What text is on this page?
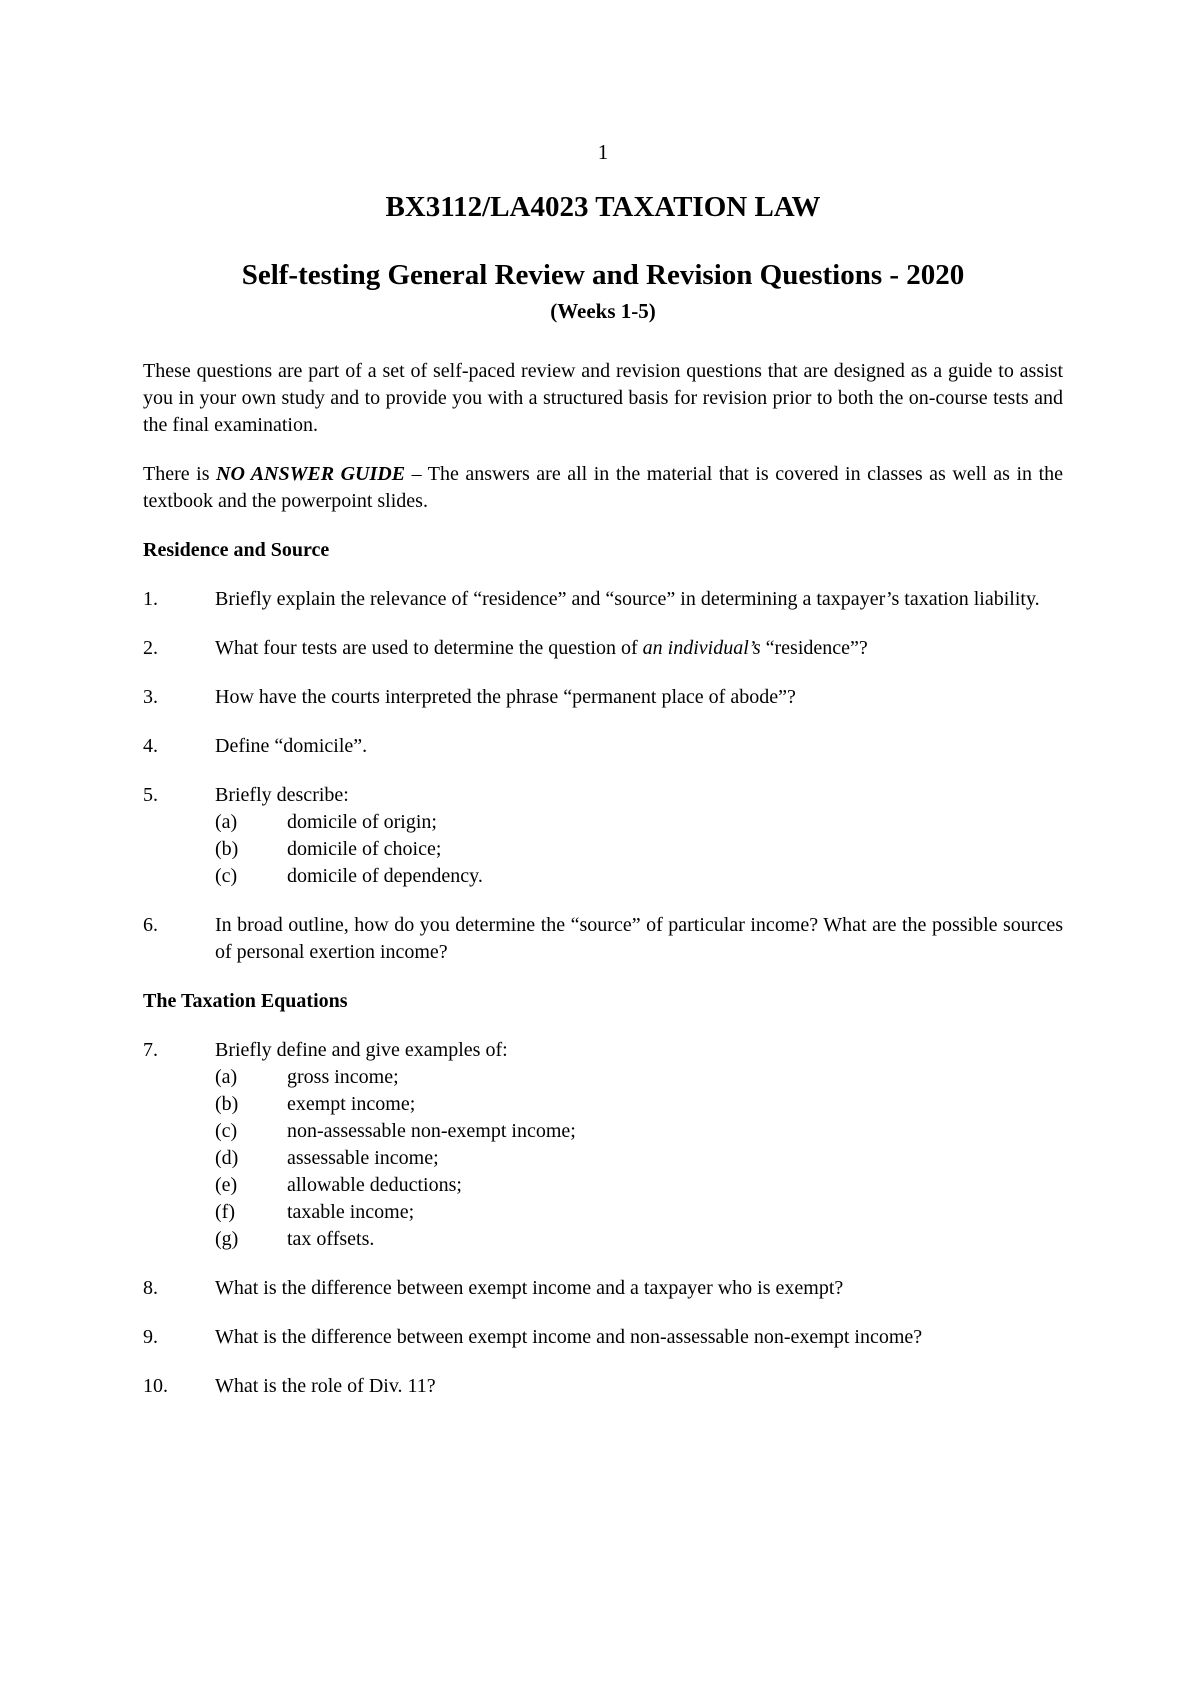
1
BX3112/LA4023 TAXATION LAW
Self-testing General Review and Revision Questions - 2020
(Weeks 1-5)

These questions are part of a set of self-paced review and revision questions that are designed as a guide to assist you in your own study and to provide you with a structured basis for revision prior to both the on-course tests and the final examination.

There is NO ANSWER GUIDE – The answers are all in the material that is covered in classes as well as in the textbook and the powerpoint slides.

Residence and Source
1.	Briefly explain the relevance of “residence” and “source” in determining a taxpayer’s taxation liability.
2.	What four tests are used to determine the question of an individual’s “residence”?
3.	How have the courts interpreted the phrase “permanent place of abode”?
4.	Define “domicile”.
5.	Briefly describe:
(a) domicile of origin;
(b) domicile of choice;
(c) domicile of dependency.
6.	In broad outline, how do you determine the “source” of particular income? What are the possible sources of personal exertion income?
The Taxation Equations
7.	Briefly define and give examples of:
(a) gross income;
(b) exempt income;
(c) non-assessable non-exempt income;
(d) assessable income;
(e) allowable deductions;
(f)	taxable income;
(g) tax offsets.
8.	What is the difference between exempt income and a taxpayer who is exempt?
9.	What is the difference between exempt income and non-assessable non-exempt income?
10. What is the role of Div. 11?
